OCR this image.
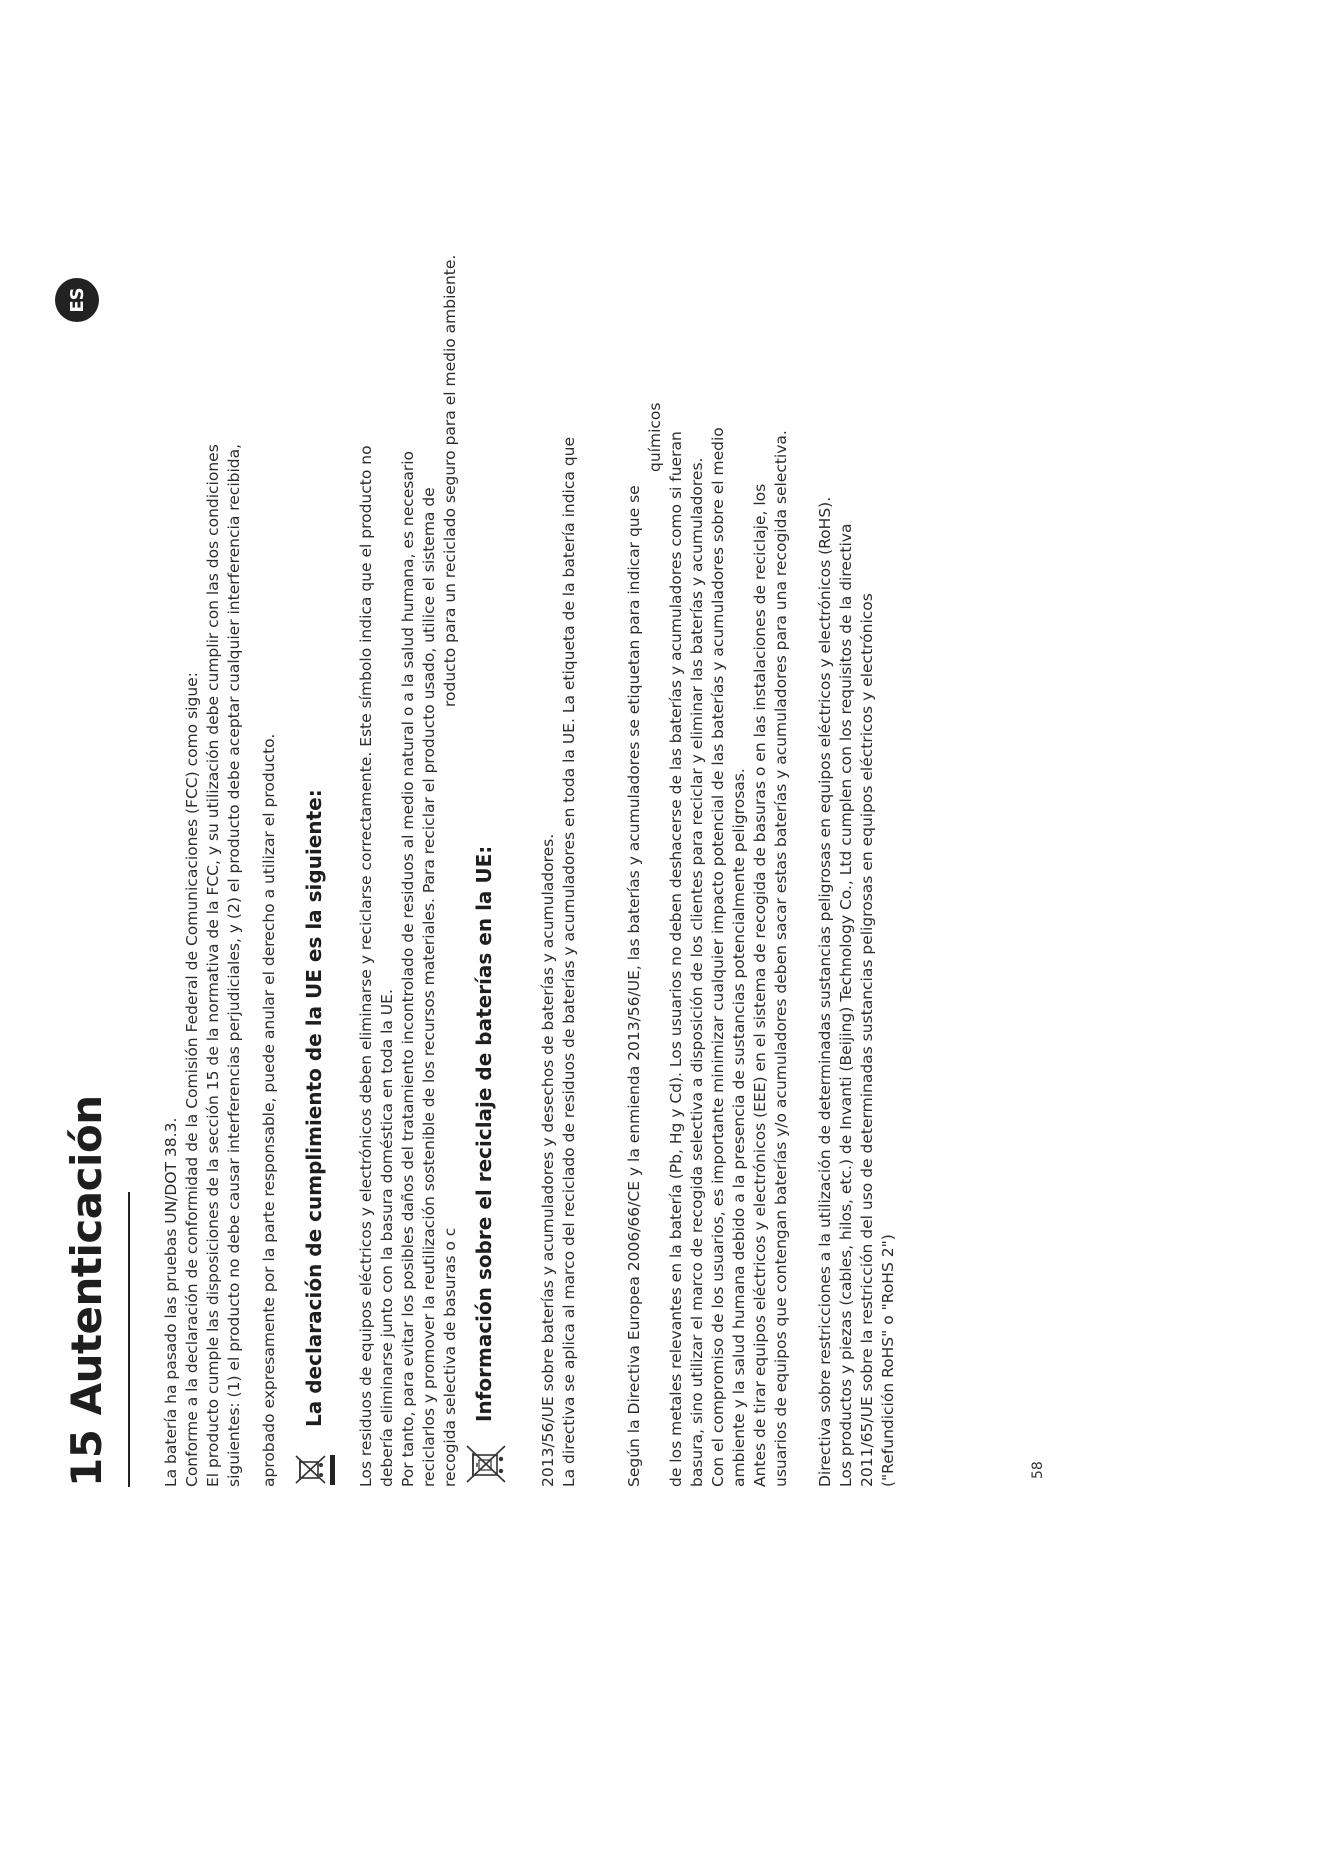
15 Autenticación
ES
58
La batería ha pasado las pruebas UN/DOT 38.3. Conforme a la declaración de conformidad de la Comisión Federal de Comunicaciones (FCC) como sigue: El producto cumple las disposiciones de la sección 15 de la normativa de la FCC, y su utilización debe cumplir con las dos condiciones siguientes: (1) el producto no debe causar interferencias perjudiciales, y (2) el producto debe aceptar cualquier interferencia recibida, aprobado expresamente por la parte responsable, puede anular el derecho a utilizar el producto. La declaración de cumplimiento de la UE es la siguiente: Los residuos de equipos eléctricos y electrónicos deben eliminarse y reciclarse correctamente. Este símbolo indica que el producto no debería eliminarse junto con la basura doméstica en toda la UE. Por tanto, para evitar los posibles daños del tratamiento incontrolado de residuos al medio natural o a la salud humana, es necesario reciclarlos y promover la reutilización sostenible de los recursos materiales. Para reciclar el producto usado, utilice el sistema de recogida selectiva de basuras o c
roducto para un reciclado seguro para el medio ambiente.
Información sobre el reciclaje de baterías en la UE:	2013/56/UE sobre baterías y acumuladores y desechos de baterías y acumuladores. La directiva se aplica al marco del reciclado de residuos de baterías y acumuladores en toda la UE. La etiqueta de la batería indica que	Según la Directiva Europea 2006/66/CE y la enmienda 2013/56/UE, las baterías y acumuladores se etiquetan para indicar que se
químicos de los metales relevantes en la batería (Pb, Hg y Cd). Los usuarios no deben deshacerse de las baterías y acumuladores como si fueran basura, sino utilizar el marco de recogida selectiva a disposición de los clientes para reciclar y eliminar las baterías y acumuladores. Con el compromiso de los usuarios, es importante minimizar cualquier impacto potencial de las baterías y acumuladores sobre el medio ambiente y la salud humana debido a la presencia de sustancias potencialmente peligrosas. Antes de tirar equipos eléctricos y electrónicos (EEE) en el sistema de recogida de basuras o en las instalaciones de reciclaje, los usuarios de equipos que contengan baterías y/o acumuladores deben sacar estas baterías y acumuladores para una recogida selectiva. Directiva sobre restricciones a la utilización de determinadas sustancias peligrosas en equipos eléctricos y electrónicos (RoHS). Los productos y piezas (cables, hilos, etc.) de Invanti (Beijing) Technology Co., Ltd cumplen con los requisitos de la directiva 2011/65/UE sobre la restricción del uso de determinadas sustancias peligrosas en equipos eléctricos y electrónicos ("Refundición RoHS" o "RoHS 2")
